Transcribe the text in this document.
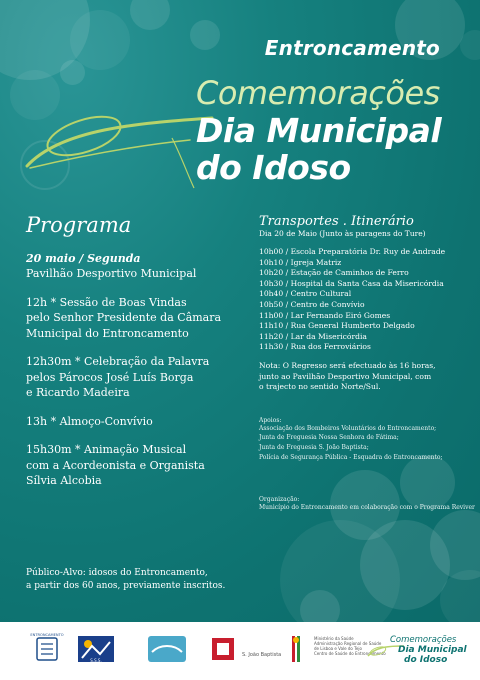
Entroncamento
Comemorações
Dia Municipal
do Idoso
Programa
20 maio / Segunda
Pavilhão Desportivo Municipal
12h * Sessão de Boas Vindas
pelo Senhor Presidente da Câmara
Municipal do Entroncamento
12h30m * Celebração da Palavra
pelos Párocos José Luís Borga
e Ricardo Madeira
13h * Almoço-Convívio
15h30m * Animação Musical
com a Acordeonista e Organista
Sílvia Alcobia
Transportes . Itinerário
Dia 20 de Maio (Junto às paragens do Ture)
10h00 / Escola Preparatória Dr. Ruy de Andrade
10h10 / Igreja Matriz
10h20 / Estação de Caminhos de Ferro
10h30 / Hospital da Santa Casa da Misericórdia
10h40 / Centro Cultural
10h50 / Centro de Convívio
11h00 / Lar Fernando Eiró Gomes
11h10 / Rua General Humberto Delgado
11h20 / Lar da Misericórdia
11h30 / Rua dos Ferroviários
Nota: O Regresso será efectuado às 16 horas,
junto ao Pavilhão Desportivo Municipal, com
o trajecto no sentido Norte/Sul.
Apoios:
Associação dos Bombeiros Voluntários do Entroncamento;
Junta de Freguesia Nossa Senhora de Fátima;
Junta de Freguesia S. João Baptista;
Polícia de Segurança Pública - Esquadra do Entroncamento;
Organização:
Município do Entroncamento em colaboração com o Programa Reviver
Público-Alvo: idosos do Entroncamento,
a partir dos 60 anos, previamente inscritos.
ENTRONCAMENTO
S.S.S.
S. João Baptista
Ministério da Saúde
Administração Regional de Saúde
de Lisboa e Vale do Tejo
Centro de Saúde do Entroncamento
Comemorações
Dia Municipal
do Idoso
